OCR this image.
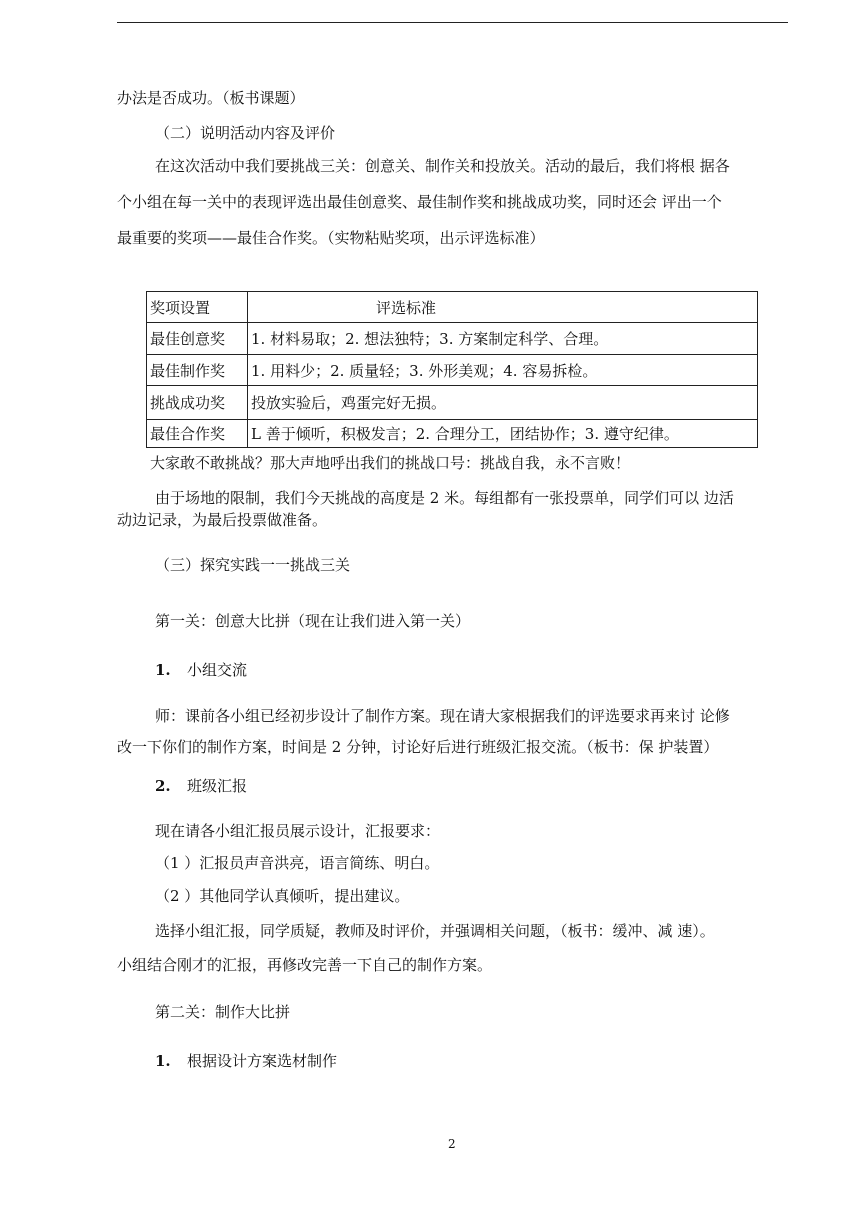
办法是否成功。（板书课题）
（二）说明活动内容及评价
在这次活动中我们要挑战三关：创意关、制作关和投放关。活动的最后，我们将根 据各
个小组在每一关中的表现评选出最佳创意奖、最佳制作奖和挑战成功奖，同时还会 评出一个
最重要的奖项——最佳合作奖。（实物粘贴奖项，出示评选标准）
奖项设置	评选标准
最佳创意奖	1. 材料易取；2. 想法独特；3. 方案制定科学、合理。
最佳制作奖	1. 用料少；2. 质量轻；3. 外形美观；4. 容易拆检。
挑战成功奖	投放实验后，鸡蛋完好无损。
最佳合作奖	L 善于倾听，积极发言；2. 合理分工，团结协作；3. 遵守纪律。
大家敢不敢挑战？那大声地呼出我们的挑战口号：挑战自我，永不言败！
由于场地的限制，我们今天挑战的高度是 2 米。每组都有一张投票单，同学们可以 边活
动边记录，为最后投票做准备。
（三）探究实践一一挑战三关
第一关：创意大比拼（现在让我们进入第一关）
1. 小组交流
师：课前各小组已经初步设计了制作方案。现在请大家根据我们的评选要求再来讨 论修
改一下你们的制作方案，时间是 2 分钟，讨论好后进行班级汇报交流。（板书：保 护装置）
2. 班级汇报
现在请各小组汇报员展示设计，汇报要求：
（1 ）汇报员声音洪亮，语言简练、明白。
（2 ）其他同学认真倾听，提出建议。
选择小组汇报，同学质疑，教师及时评价，并强调相关问题，（板书：缓冲、减 速）。
小组结合刚才的汇报，再修改完善一下自己的制作方案。
第二关：制作大比拼
1. 根据设计方案选材制作
2
